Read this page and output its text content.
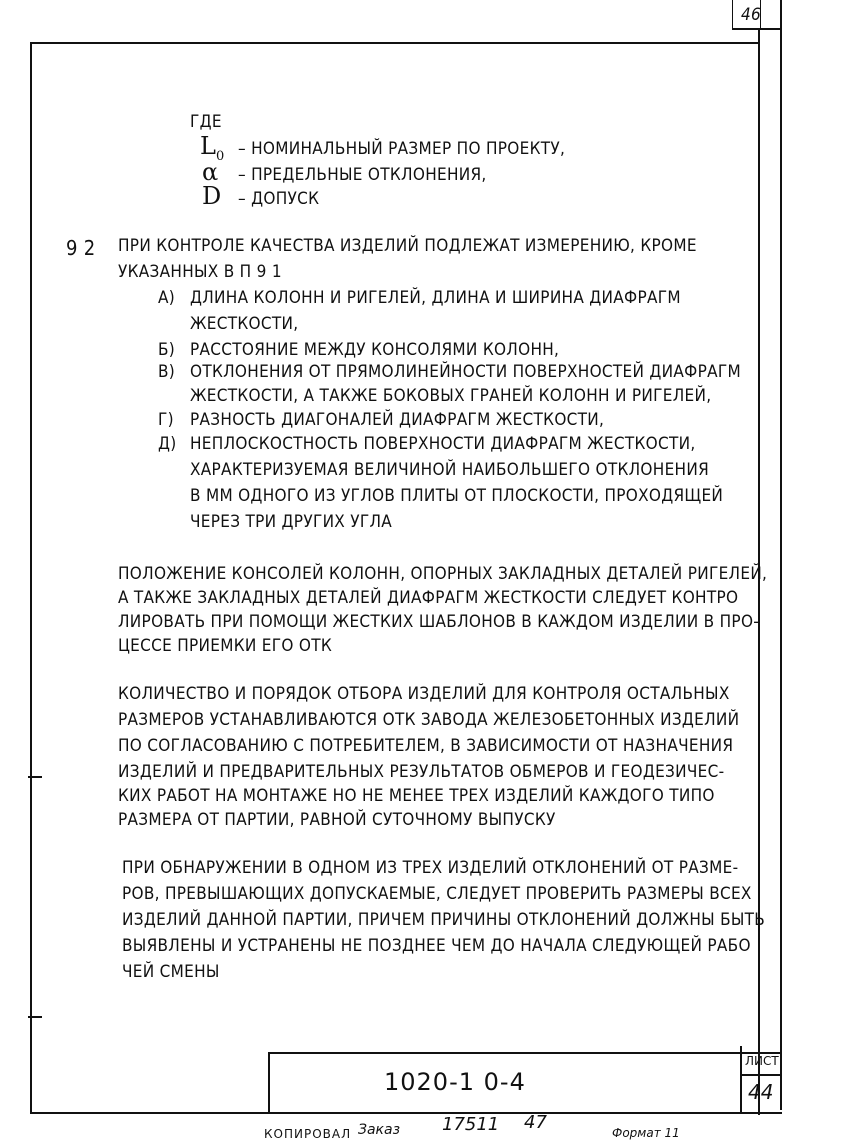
46
ГДЕ
$L_0$ – НОМИНАЛЬНЫЙ РАЗМЕР ПО ПРОЕКТУ,
α – ПРЕДЕЛЬНЫЕ ОТКЛОНЕНИЯ,
D – ДОПУСК
9 2 ПРИ КОНТРОЛЕ КАЧЕСТВА ИЗДЕЛИЙ ПОДЛЕЖАТ ИЗМЕРЕНИЮ, КРОМЕ
УКАЗАННЫХ В П 9 1
А) ДЛИНА КОЛОНН И РИГЕЛЕЙ, ДЛИНА И ШИРИНА ДИАФРАГМ
ЖЕСТКОСТИ,
Б) РАССТОЯНИЕ МЕЖДУ КОНСОЛЯМИ КОЛОНН,
В) ОТКЛОНЕНИЯ ОТ ПРЯМОЛИНЕЙНОСТИ ПОВЕРХНОСТЕЙ ДИАФРАГМ
ЖЕСТКОСТИ, А ТАКЖЕ БОКОВЫХ ГРАНЕЙ КОЛОНН И РИГЕЛЕЙ,
Г) РАЗНОСТЬ ДИАГОНАЛЕЙ ДИАФРАГМ ЖЕСТКОСТИ,
Д) НЕПЛОСКОСТНОСТЬ ПОВЕРХНОСТИ ДИАФРАГМ ЖЕСТКОСТИ,
ХАРАКТЕРИЗУЕМАЯ ВЕЛИЧИНОЙ НАИБОЛЬШЕГО ОТКЛОНЕНИЯ
В ММ ОДНОГО ИЗ УГЛОВ ПЛИТЫ ОТ ПЛОСКОСТИ, ПРОХОДЯЩЕЙ
ЧЕРЕЗ ТРИ ДРУГИХ УГЛА
ПОЛОЖЕНИЕ КОНСОЛЕЙ КОЛОНН, ОПОРНЫХ ЗАКЛАДНЫХ ДЕТАЛЕЙ РИГЕЛЕЙ,
А ТАКЖЕ ЗАКЛАДНЫХ ДЕТАЛЕЙ ДИАФРАГМ ЖЕСТКОСТИ СЛЕДУЕТ КОНТРО
ЛИРОВАТЬ ПРИ ПОМОЩИ ЖЕСТКИХ ШАБЛОНОВ В КАЖДОМ ИЗДЕЛИИ В ПРО-
ЦЕССЕ ПРИЕМКИ ЕГО ОТК
КОЛИЧЕСТВО И ПОРЯДОК ОТБОРА ИЗДЕЛИЙ ДЛЯ КОНТРОЛЯ ОСТАЛЬНЫХ
РАЗМЕРОВ УСТАНАВЛИВАЮТСЯ ОТК ЗАВОДА ЖЕЛЕЗОБЕТОННЫХ ИЗДЕЛИЙ
ПО СОГЛАСОВАНИЮ С ПОТРЕБИТЕЛЕМ, В ЗАВИСИМОСТИ ОТ НАЗНАЧЕНИЯ
ИЗДЕЛИЙ И ПРЕДВАРИТЕЛЬНЫХ РЕЗУЛЬТАТОВ ОБМЕРОВ И ГЕОДЕЗИЧЕС-
КИХ РАБОТ НА МОНТАЖЕ НО НЕ МЕНЕЕ ТРЕХ ИЗДЕЛИЙ КАЖДОГО ТИПО
РАЗМЕРА ОТ ПАРТИИ, РАВНОЙ СУТОЧНОМУ ВЫПУСКУ
ПРИ ОБНАРУЖЕНИИ В ОДНОМ ИЗ ТРЕХ ИЗДЕЛИЙ ОТКЛОНЕНИЙ ОТ РАЗМЕ-
РОВ, ПРЕВЫШАЮЩИХ ДОПУСКАЕМЫЕ, СЛЕДУЕТ ПРОВЕРИТЬ РАЗМЕРЫ ВСЕХ
ИЗДЕЛИЙ ДАННОЙ ПАРТИИ, ПРИЧЕМ ПРИЧИНЫ ОТКЛОНЕНИЙ ДОЛЖНЫ БЫТЬ
ВЫЯВЛЕНЫ И УСТРАНЕНЫ НЕ ПОЗДНЕЕ ЧЕМ ДО НАЧАЛА СЛЕДУЮЩЕЙ РАБО
ЧЕЙ СМЕНЫ
1020-1 0-4
ЛИСТ
44
КОПИРОВАЛ Заказ 17511 47	Формат 11
